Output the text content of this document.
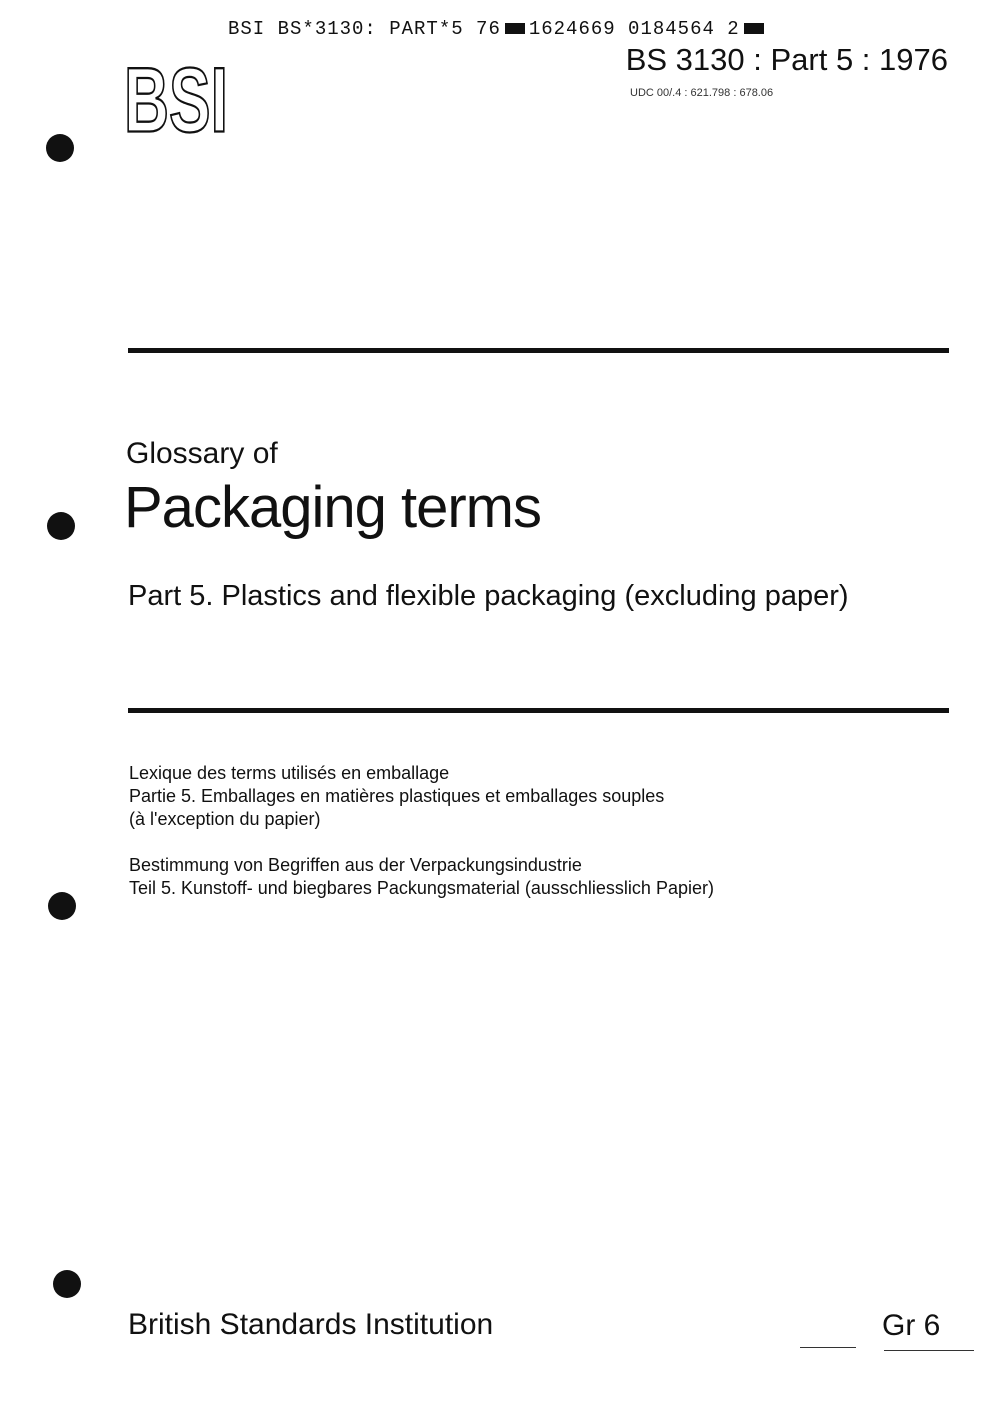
BSI BS*3130: PART*5 76 1624669 0184564 2
BSI	BS 3130 : Part 5 : 1976
UDC 00/.4 : 621.798 : 678.06
Glossary of
Packaging terms
Part 5. Plastics and flexible packaging (excluding paper)
Lexique des terms utilisés en emballage
Partie 5. Emballages en matières plastiques et emballages souples
(à l'exception du papier)
Bestimmung von Begriffen aus der Verpackungsindustrie
Teil 5. Kunstoff- und biegbares Packungsmaterial (ausschliesslich Papier)
British Standards Institution	Gr 6
